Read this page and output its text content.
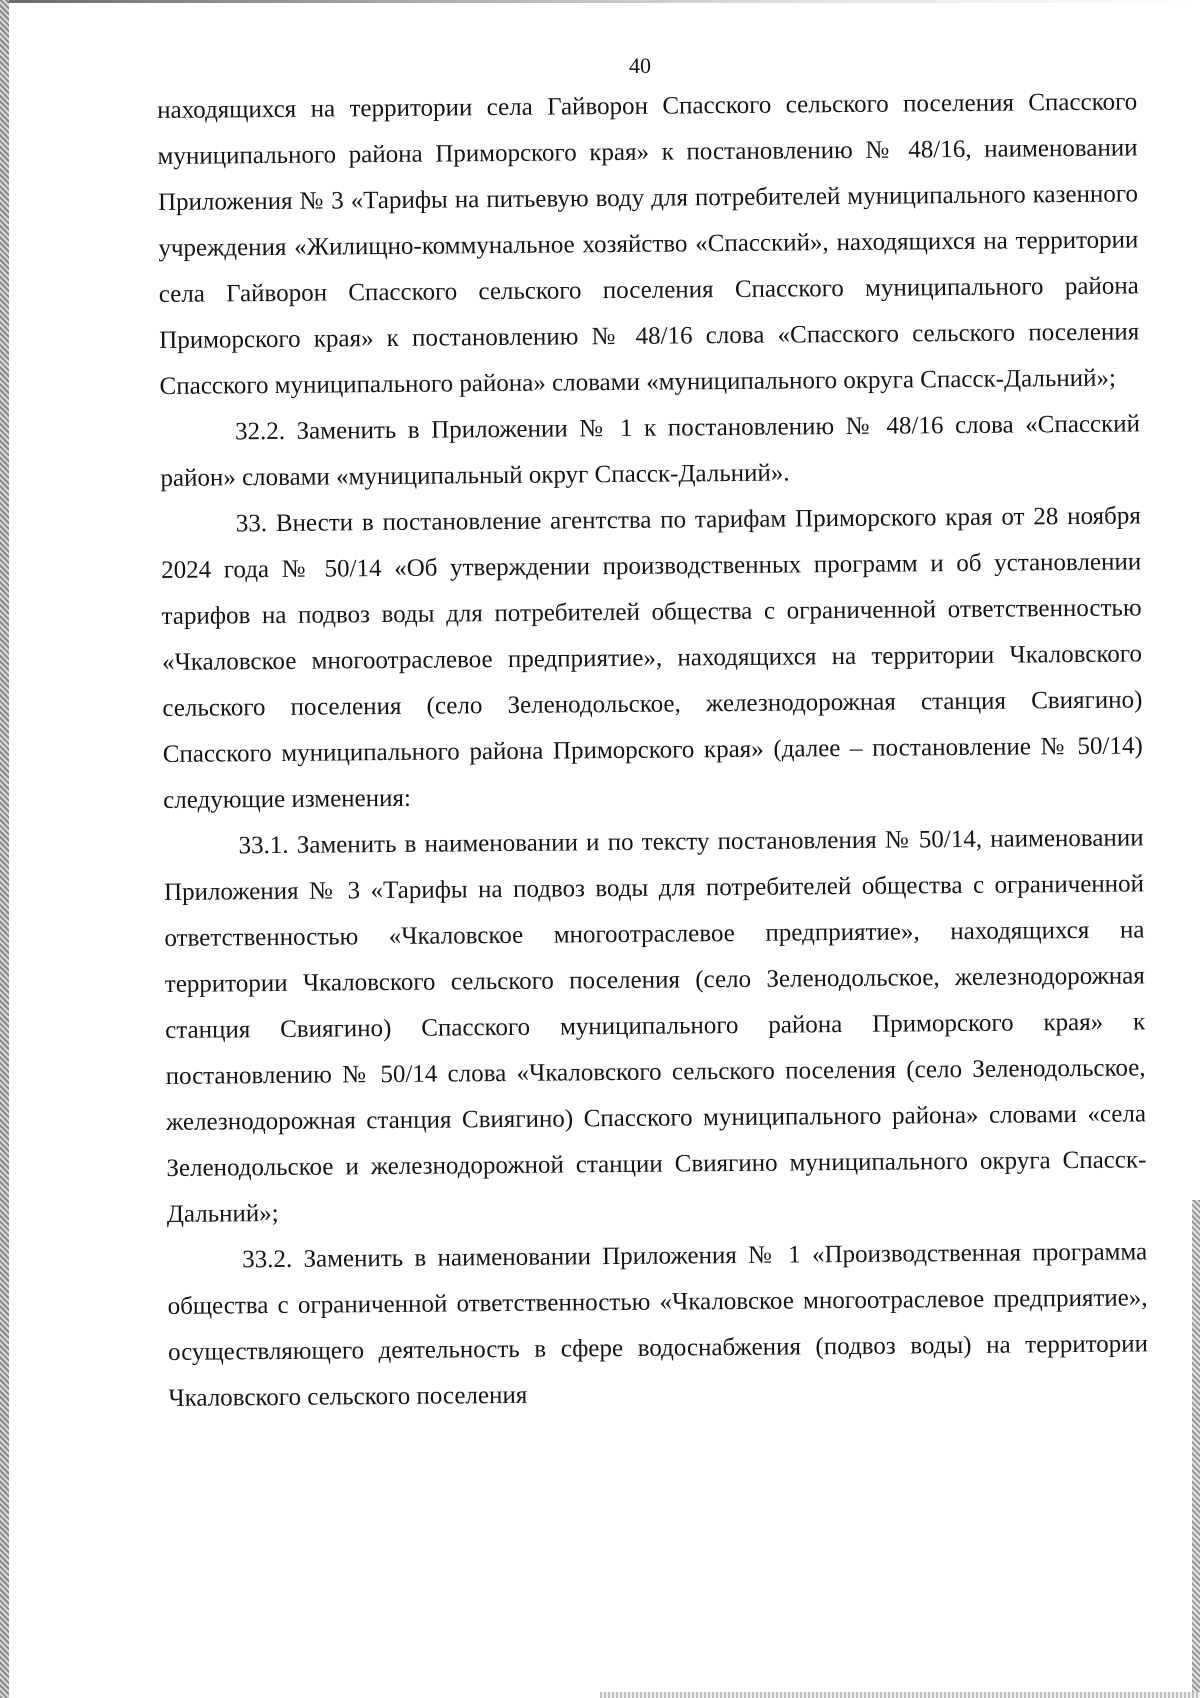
40

находящихся на территории села Гайворон Спасского сельского поселения Спасского муниципального района Приморского края» к постановлению № 48/16, наименовании Приложения № 3 «Тарифы на питьевую воду для потребителей муниципального казенного учреждения «Жилищно-коммунальное хозяйство «Спасский», находящихся на территории села Гайворон Спасского сельского поселения Спасского муниципального района Приморского края» к постановлению № 48/16 слова «Спасского сельского поселения Спасского муниципального района» словами «муниципального округа Спасск-Дальний»;

32.2. Заменить в Приложении № 1 к постановлению № 48/16 слова «Спасский район» словами «муниципальный округ Спасск-Дальний».

33. Внести в постановление агентства по тарифам Приморского края от 28 ноября 2024 года № 50/14 «Об утверждении производственных программ и об установлении тарифов на подвоз воды для потребителей общества с ограниченной ответственностью «Чкаловское многоотраслевое предприятие», находящихся на территории Чкаловского сельского поселения (село Зеленодольское, железнодорожная станция Свиягино) Спасского муниципального района Приморского края» (далее – постановление № 50/14) следующие изменения:

33.1. Заменить в наименовании и по тексту постановления № 50/14, наименовании Приложения № 3 «Тарифы на подвоз воды для потребителей общества с ограниченной ответственностью «Чкаловское многоотраслевое предприятие», находящихся на территории Чкаловского сельского поселения (село Зеленодольское, железнодорожная станция Свиягино) Спасского муниципального района Приморского края» к постановлению № 50/14 слова «Чкаловского сельского поселения (село Зеленодольское, железнодорожная станция Свиягино) Спасского муниципального района» словами «села Зеленодольское и железнодорожной станции Свиягино муниципального округа Спасск-Дальний»;

33.2. Заменить в наименовании Приложения № 1 «Производственная программа общества с ограниченной ответственностью «Чкаловское многоотраслевое предприятие», осуществляющего деятельность в сфере водоснабжения (подвоз воды) на территории Чкаловского сельского поселения
